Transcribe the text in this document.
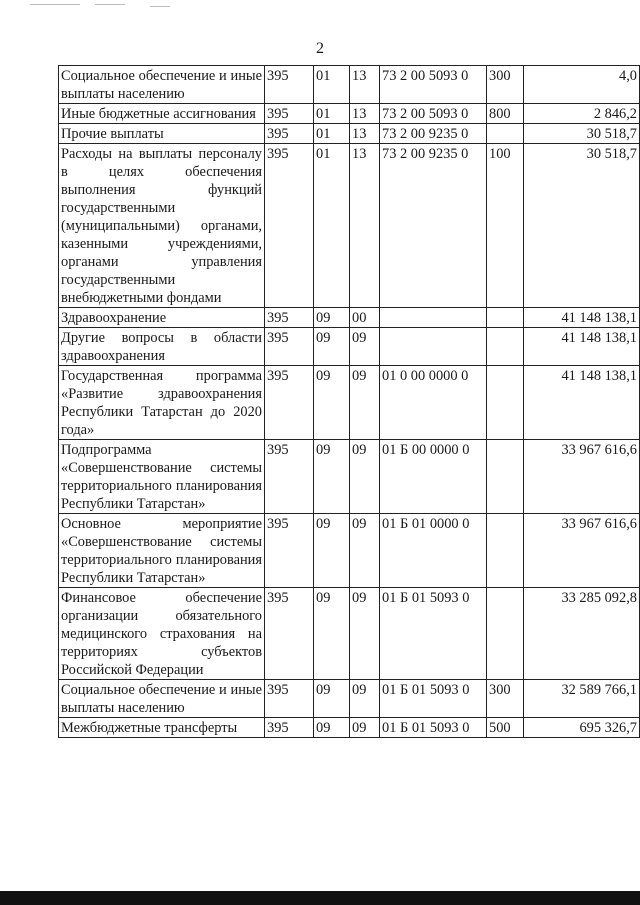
2
Социальное обеспечение и иные выплаты населению	395	01	13	73 2 00 5093 0	300	4,0
Иные бюджетные ассигнования	395	01	13	73 2 00 5093 0	800	2 846,2
Прочие выплаты	395	01	13	73 2 00 9235 0		30 518,7
Расходы на выплаты персоналу в целях обеспечения выполнения функций государственными (муниципальными) органами, казенными учреждениями, органами управления государственными внебюджетными фондами	395	01	13	73 2 00 9235 0	100	30 518,7
Здравоохранение	395	09	00			41 148 138,1
Другие вопросы в области здравоохранения	395	09	09			41 148 138,1
Государственная программа «Развитие здравоохранения Республики Татарстан до 2020 года»	395	09	09	01 0 00 0000 0		41 148 138,1
Подпрограмма «Совершенствование системы территориального планирования Республики Татарстан»	395	09	09	01 Б 00 0000 0		33 967 616,6
Основное мероприятие «Совершенствование системы территориального планирования Республики Татарстан»	395	09	09	01 Б 01 0000 0		33 967 616,6
Финансовое обеспечение организации обязательного медицинского страхования на территориях субъектов Российской Федерации	395	09	09	01 Б 01 5093 0		33 285 092,8
Социальное обеспечение и иные выплаты населению	395	09	09	01 Б 01 5093 0	300	32 589 766,1
Межбюджетные трансферты	395	09	09	01 Б 01 5093 0	500	695 326,7
